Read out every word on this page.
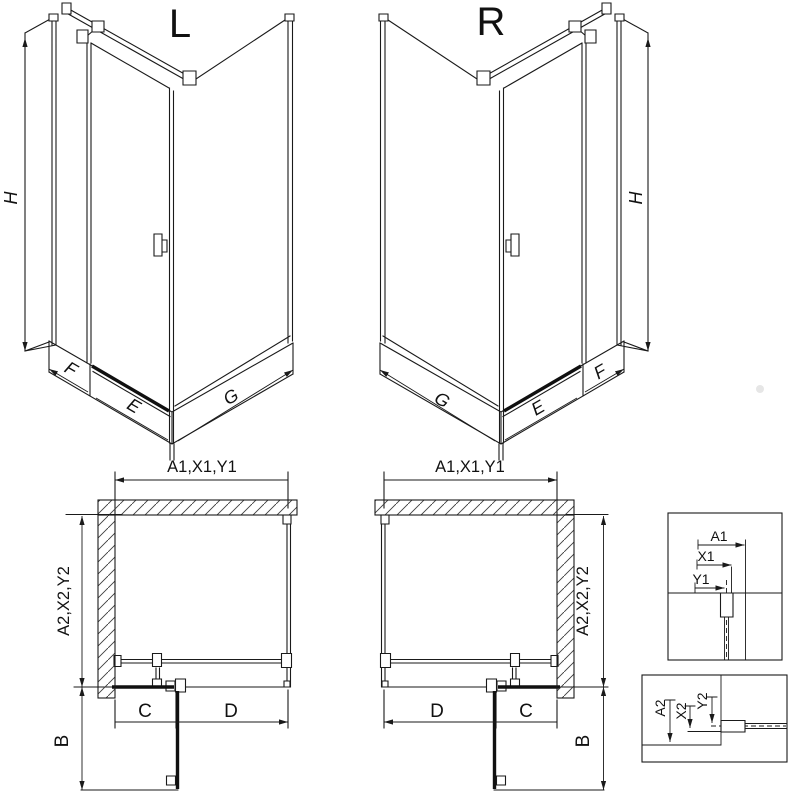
L	R
H	H
F
E	G	G	E
F
A1,X1,Y1
A2,X2,Y2
B
C	D
A1,X1,Y1
A2,X2,Y2
B
D	C
A1
X1
Y1
A2 X2
Y2
